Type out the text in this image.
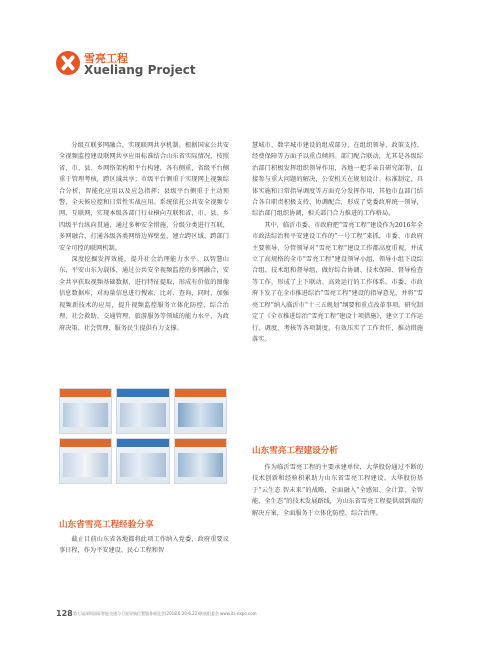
雪亮工程
Xueliang Project

分级互联多网融合，实现联网共享机制。根据国家公共安全视频监控建设联网共享应用标准结合山东省实际情况，按照省、市、县、乡网络架构和平台构建，各有侧重，省级平台侧重于管理考核，跨区域共享；市级平台侧重于实现网上视频综合分析，智能化应用以及应急指挥；县级平台侧重于主动预警、全天候应控和日常性实战应用。系统依托公共安全视频专网、互联网，实现本级各部门行业横向互联和省、市、县、乡四级平台纵向贯通，通过多种安全措施，分级分类进行互联，多网融合，打通各级各类网络边界壁垒，建立跨区域、跨部门安全可控的联网机制。

深度挖掘发挥效能，提升社会治理能力水平。以智慧山东、平安山东为载体，通过公共安全视频监控的多网融合，安全共享获取视频基础数据，进行特征提取，形成有价值的图像信息数据库，对海量信息进行搜索、比对、查询，同时，加强视频新技术的应用，提升视频监控服务立体化防控、综合治理、社会救助、交通管理、旅游服务等领域的能力水平，为政府决策、社会管理、服务民生提供有力支撑。

山东省雪亮工程经验分享

截止目前山东省各地都将此项工作纳入党委、政府重要议事日程，作为平安建设、民心工程和智

慧城市、数字城市建设的组成部分，在组织领导、政策支持、经费保障等方面予以重点倾斜。部门配合联动，尤其是各级综治部门积极发挥组织领导作用，各地一把手亲自研究部署，直接参与重大问题的解决，公安机关在规划设计、标准制定、具体实施和日常指导调度等方面充分发挥作用，其他市直部门结合各自职责积极支持、协调配合，形成了党委政府统一领导，综治部门组织协调，相关部门合力推进的工作格局。

其中，临沂市委、市政府把“雪亮工程”建设作为2016年全市政法综治和平安建设工作的“一号工程”来抓，市委、市政府主要领导、分管领导对“雪亮工程”建设工作都高度重视，并成立了高规格的全市“雪亮工程”建设领导小组，领导小组下设综合组、技术组和督导组，做好综合协调、技术保障、督导检查等工作，形成了上下联动、高效运行的工作体系。市委、市政府下发了在全市推进综治“雪亮工程”建设的指导意见，并将“雪亮工程”纳入临沂市“十三五规划”纲要和重点改革事项。研究制定了《全市推进综治“雪亮工程”建设十项措施》，建立了工作运行、调度、考核等各项制度，有效压实了工作责任，推动措施落实。

山东雪亮工程建设分析

作为临沂雪亮工程的主要承建单位，大华股份通过不断的技术创新和经验积累助力山东省雪亮工程建设。大华股份基于“云生态 智未来”的战略，全面融入“全感知、全计算、全智能、全生态”的技术发展路线，为山东省雪亮工程提供端到端的解决方案，全面服务于立体化防控、综合治理。

128 第七届深圳国际智能交通与卫星导航位置服务展览会(2018.6.20-6.22)联展组委会 www.its-expo.com
